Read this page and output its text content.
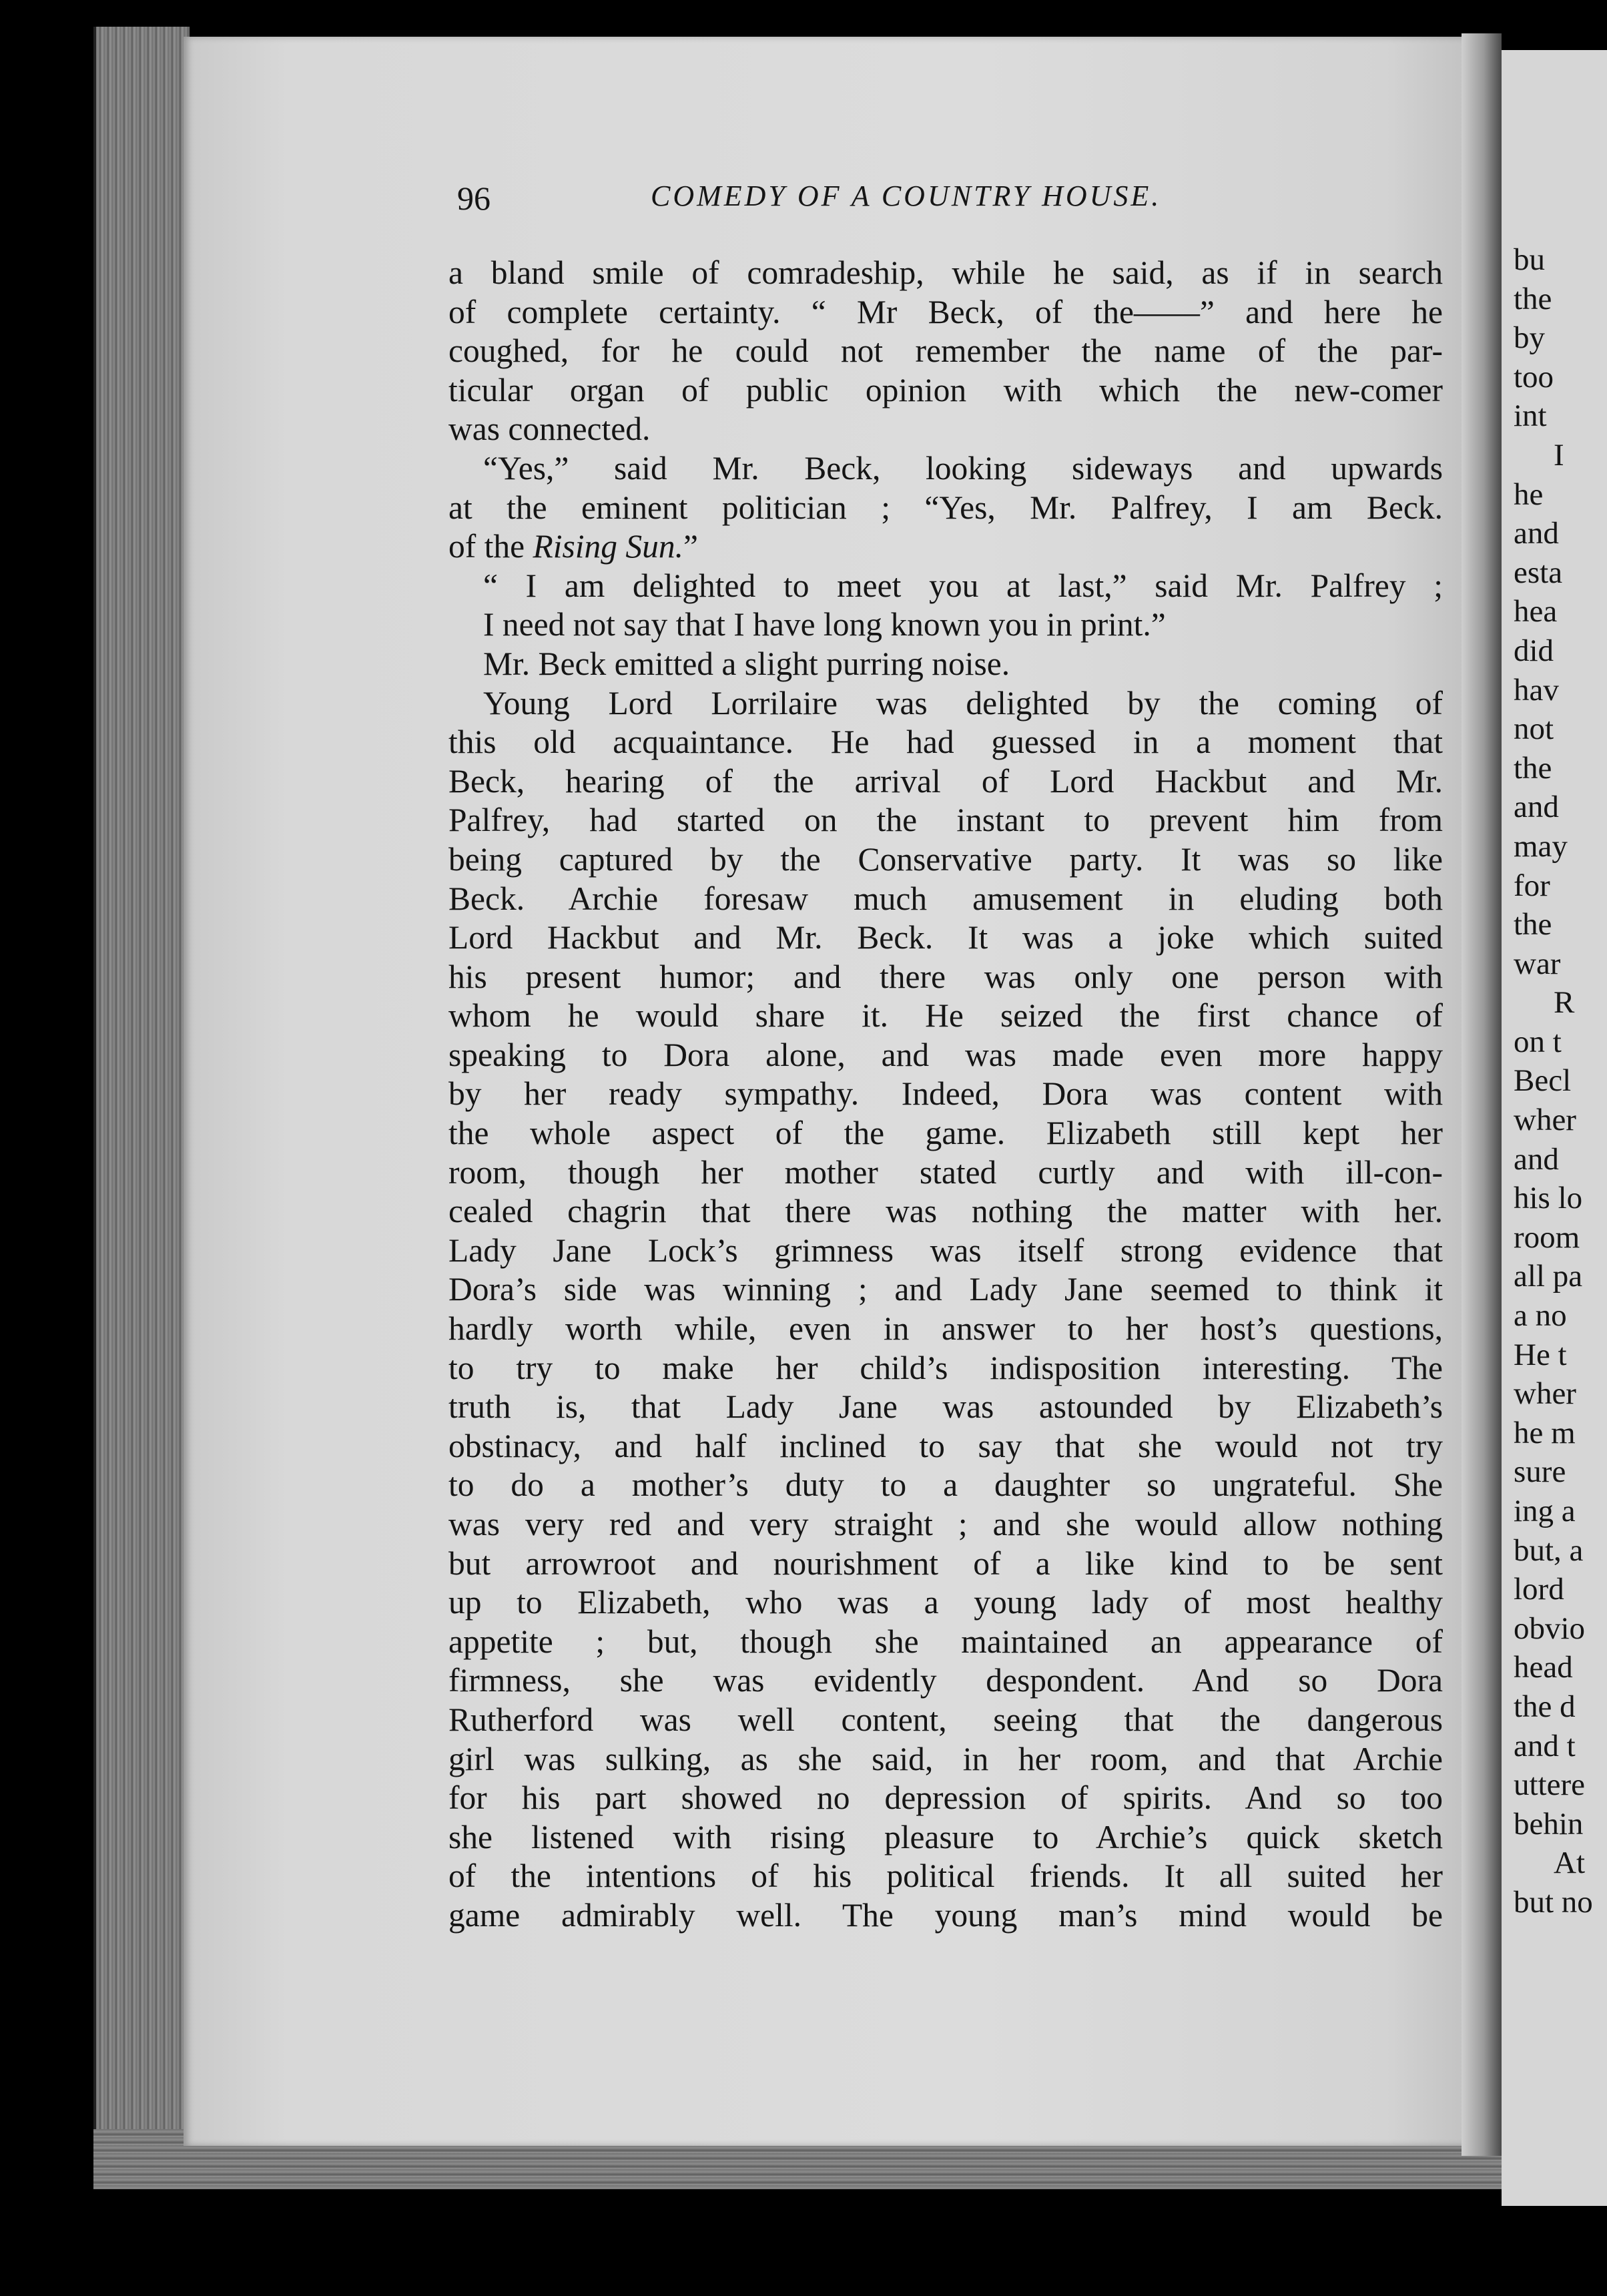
96	COMEDY OF A COUNTRY HOUSE.
a bland smile of comradeship, while he said, as if in search
of complete certainty. “ Mr Beck, of the——” and here he
coughed, for he could not remember the name of the par-
ticular organ of public opinion with which the new-comer
was connected.
“Yes,” said Mr. Beck, looking sideways and upwards
at the eminent politician ; “Yes, Mr. Palfrey, I am Beck.
of the Rising Sun.”
“ I am delighted to meet you at last,” said Mr. Palfrey ;
I need not say that I have long known you in print.”
Mr. Beck emitted a slight purring noise.
Young Lord Lorrilaire was delighted by the coming of
this old acquaintance. He had guessed in a moment that
Beck, hearing of the arrival of Lord Hackbut and Mr.
Palfrey, had started on the instant to prevent him from
being captured by the Conservative party. It was so like
Beck. Archie foresaw much amusement in eluding both
Lord Hackbut and Mr. Beck. It was a joke which suited
his present humor; and there was only one person with
whom he would share it. He seized the first chance of
speaking to Dora alone, and was made even more happy
by her ready sympathy. Indeed, Dora was content with
the whole aspect of the game. Elizabeth still kept her
room, though her mother stated curtly and with ill-con-
cealed chagrin that there was nothing the matter with her.
Lady Jane Lock’s grimness was itself strong evidence that
Dora’s side was winning ; and Lady Jane seemed to think it
hardly worth while, even in answer to her host’s questions,
to try to make her child’s indisposition interesting. The
truth is, that Lady Jane was astounded by Elizabeth’s
obstinacy, and half inclined to say that she would not try
to do a mother’s duty to a daughter so ungrateful. She
was very red and very straight ; and she would allow nothing
but arrowroot and nourishment of a like kind to be sent
up to Elizabeth, who was a young lady of most healthy
appetite ; but, though she maintained an appearance of
firmness, she was evidently despondent. And so Dora
Rutherford was well content, seeing that the dangerous
girl was sulking, as she said, in her room, and that Archie
for his part showed no depression of spirits. And so too
she listened with rising pleasure to Archie’s quick sketch
of the intentions of his political friends. It all suited her
game admirably well. The young man’s mind would be
bu
the
by
too
int
I
he
and
esta
hea
did
hav
not
the
and
may
for
the
war
R
on t
Becl
wher
and
his lo
room
all pa
a no
He t
wher
he m
sure
ing a
but, a
lord
obvio
head
the d
and t
uttere
behin
At
but no
